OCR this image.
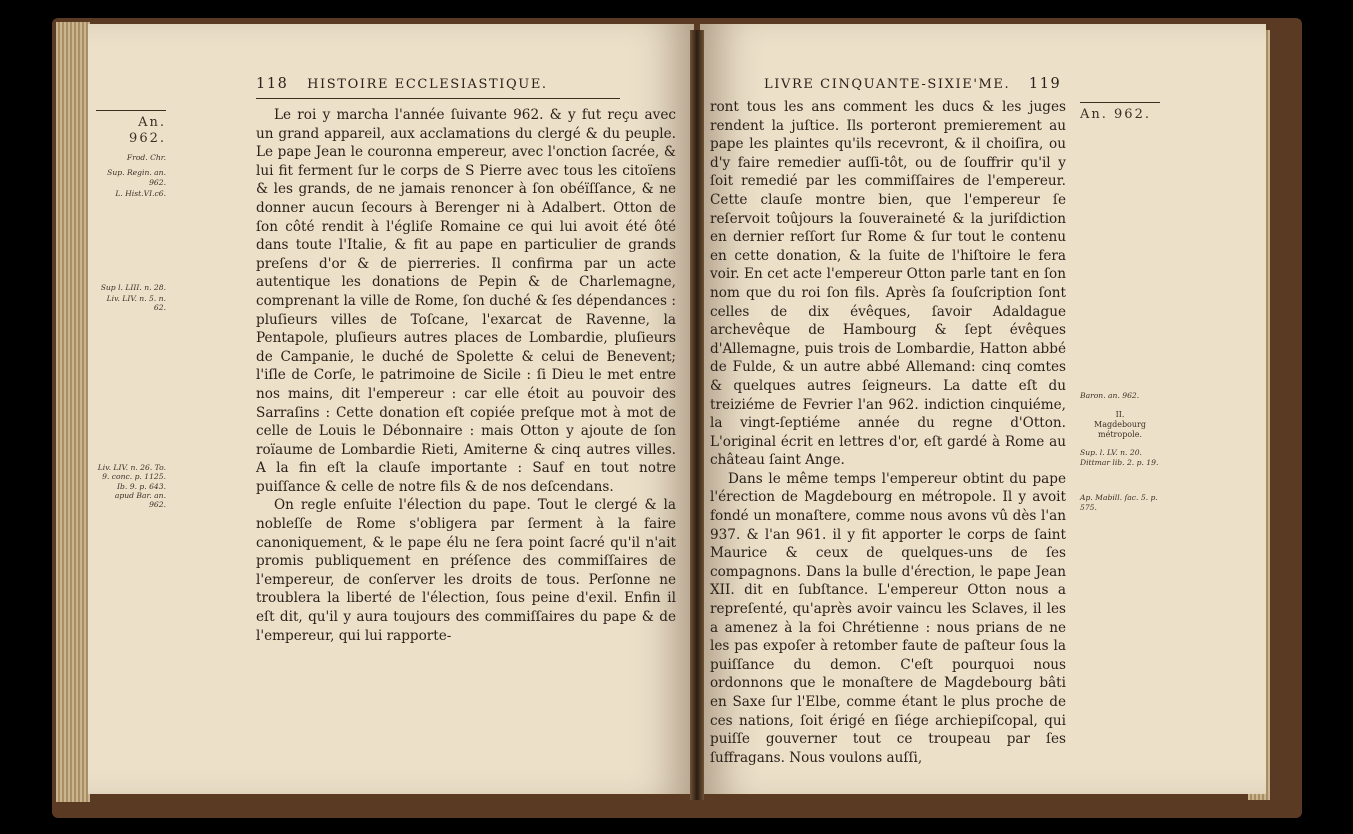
118 HISTOIRE ECCLESIASTIQUE.
An. 962.
Frod. Chr.
Sup. Regin. an. 962.
L. Hist.VI.c6.
Sup l. LIII. n. 28.
Liv. LIV. n. 5. n. 62.
Liv. LIV. n. 26. To. 9. conc. p. 1125. Ib. 9. p. 643. apud Bar. an. 962.

Le roi y marcha l'année ſuivante 962. & y fut reçu avec un grand appareil, aux acclamations du clergé & du peuple. Le pape Jean le couronna empereur, avec l'onction ſacrée, & lui fit ferment ſur le corps de S Pierre avec tous les citoïens & les grands, de ne jamais renoncer à ſon obéïſſance, & ne donner aucun ſecours à Berenger ni à Adalbert. Otton de ſon côté rendit à l'égliſe Romaine ce qui lui avoit été ôté dans toute l'Italie, & fit au pape en particulier de grands preſens d'or & de pierreries. Il confirma par un acte autentique les donations de Pepin & de Charlemagne, comprenant la ville de Rome, ſon duché & ſes dépendances : pluſieurs villes de Toſcane, l'exarcat de Ravenne, la Pentapole, pluſieurs autres places de Lombardie, pluſieurs de Campanie, le duché de Spolette & celui de Benevent; l'iſle de Corſe, le patrimoine de Sicile : ſi Dieu le met entre nos mains, dit l'empereur : car elle étoit au pouvoir des Sarraſins : Cette donation eſt copiée preſque mot à mot de celle de Louis le Débonnaire : mais Otton y ajoute de ſon roïaume de Lombardie Rieti, Amiterne & cinq autres villes. A la fin eſt la clauſe importante : Sauf en tout notre puiſſance & celle de notre fils & de nos deſcendans.

On regle enſuite l'élection du pape. Tout le clergé & la nobleſſe de Rome s'obligera par ſerment à la faire canoniquement, & le pape élu ne ſera point ſacré qu'il n'ait promis publiquement en préſence des commiſſaires de l'empereur, de conſerver les droits de tous. Perſonne ne troublera la liberté de l'élection, ſous peine d'exil. Enfin il eſt dit, qu'il y aura toujours des commiſſaires du pape & de l'empereur, qui lui rapporte-

LIVRE CINQUANTE-SIXIE'ME. 119

ront tous les ans comment les ducs & les juges rendent la juſtice. Ils porteront premierement au pape les plaintes qu'ils recevront, & il choiſira, ou d'y faire remedier auſſi-tôt, ou de ſouffrir qu'il y ſoit remedié par les commiſſaires de l'empereur. Cette clauſe montre bien, que l'empereur ſe reſervoit toûjours la ſouveraineté & la juriſdiction en dernier reſſort ſur Rome & ſur tout le contenu en cette donation, & la ſuite de l'hiſtoire le fera voir. En cet acte l'empereur Otton parle tant en ſon nom que du roi ſon fils. Après ſa ſouſcription ſont celles de dix évêques, ſavoir Adaldague archevêque de Hambourg & ſept évêques d'Allemagne, puis trois de Lombardie, Hatton abbé de Fulde, & un autre abbé Allemand: cinq comtes & quelques autres ſeigneurs. La datte eſt du treiziéme de Fevrier l'an 962. indiction cinquiéme, la vingt-ſeptiéme année du regne d'Otton. L'original écrit en lettres d'or, eſt gardé à Rome au château ſaint Ange.

Dans le même temps l'empereur obtint du pape l'érection de Magdebourg en métropole. Il y avoit fondé un monaſtere, comme nous avons vû dès l'an 937. & l'an 961. il y fit apporter le corps de ſaint Maurice & ceux de quelques-uns de ſes compagnons. Dans la bulle d'érection, le pape Jean XII. dit en ſubſtance. L'empereur Otton nous a repreſenté, qu'après avoir vaincu les Sclaves, il les a amenez à la foi Chrétienne : nous prians de ne les pas expoſer à retomber faute de paſteur ſous la puiſſance du demon. C'eſt pourquoi nous ordonnons que le monaſtere de Magdebourg bâti en Saxe ſur l'Elbe, comme étant le plus proche de ces nations, ſoit érigé en ſiége archiepiſcopal, qui puiſſe gouverner tout ce troupeau par ſes ſuffragans. Nous voulons auſſi,

An. 962.
Baron. an. 962.
II.
Magdebourg métropole.
Sup. l. LV. n. 20. Dittmar lib. 2. p. 19.
Ap. Mabill. ſac. 5. p. 575.
